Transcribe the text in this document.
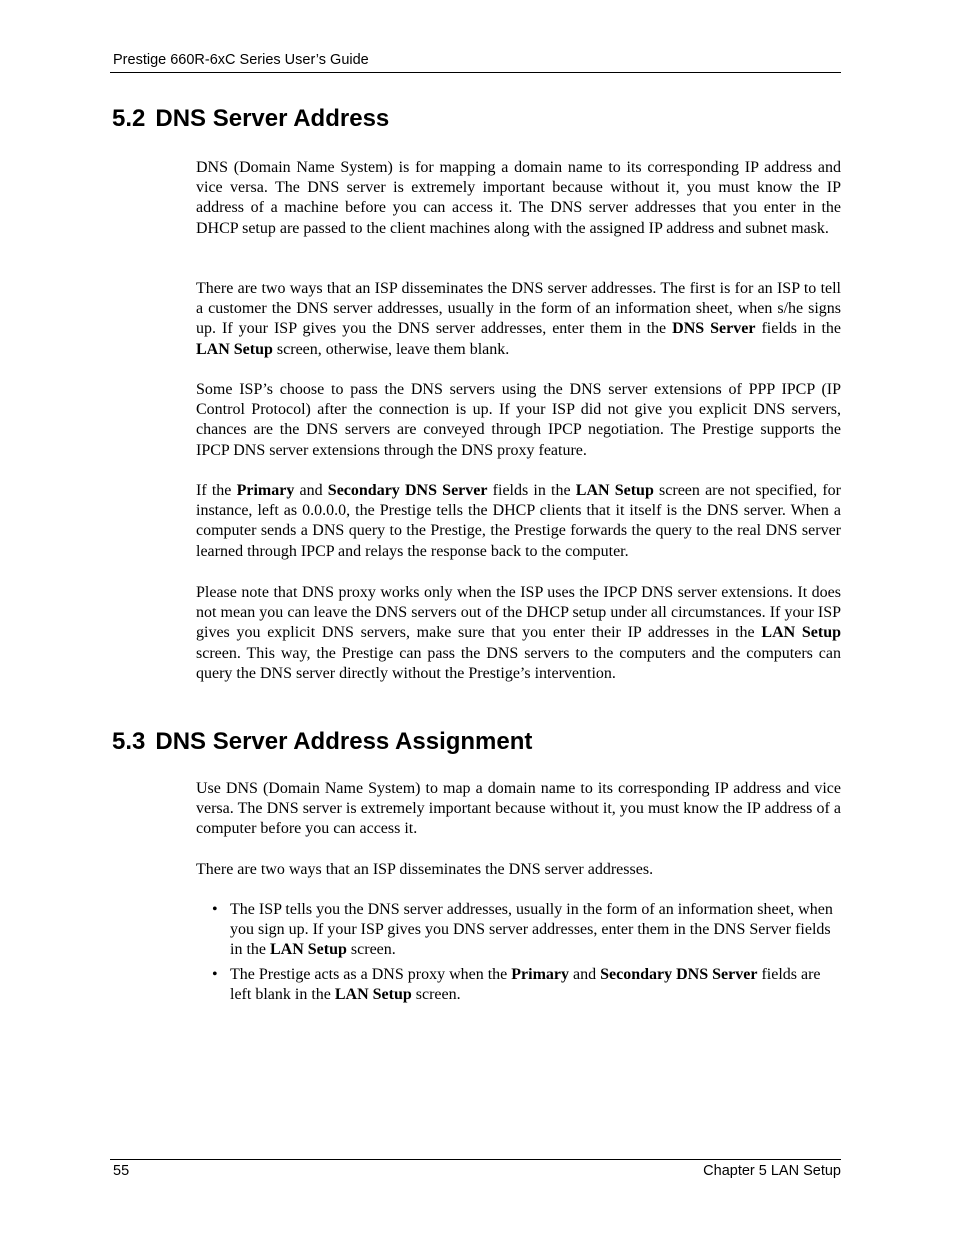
Prestige 660R-6xC Series User’s Guide
5.2 DNS Server Address

DNS (Domain Name System) is for mapping a domain name to its corresponding IP address and vice versa. The DNS server is extremely important because without it, you must know the IP address of a machine before you can access it. The DNS server addresses that you enter in the DHCP setup are passed to the client machines along with the assigned IP address and subnet mask.

There are two ways that an ISP disseminates the DNS server addresses. The first is for an ISP to tell a customer the DNS server addresses, usually in the form of an information sheet, when s/he signs up. If your ISP gives you the DNS server addresses, enter them in the DNS Server fields in the LAN Setup screen, otherwise, leave them blank.

Some ISP’s choose to pass the DNS servers using the DNS server extensions of PPP IPCP (IP Control Protocol) after the connection is up. If your ISP did not give you explicit DNS servers, chances are the DNS servers are conveyed through IPCP negotiation. The Prestige supports the IPCP DNS server extensions through the DNS proxy feature.

If the Primary and Secondary DNS Server fields in the LAN Setup screen are not specified, for instance, left as 0.0.0.0, the Prestige tells the DHCP clients that it itself is the DNS server. When a computer sends a DNS query to the Prestige, the Prestige forwards the query to the real DNS server learned through IPCP and relays the response back to the computer.

Please note that DNS proxy works only when the ISP uses the IPCP DNS server extensions. It does not mean you can leave the DNS servers out of the DHCP setup under all circumstances. If your ISP gives you explicit DNS servers, make sure that you enter their IP addresses in the LAN Setup screen. This way, the Prestige can pass the DNS servers to the computers and the computers can query the DNS server directly without the Prestige’s intervention.

5.3 DNS Server Address Assignment

Use DNS (Domain Name System) to map a domain name to its corresponding IP address and vice versa. The DNS server is extremely important because without it, you must know the IP address of a computer before you can access it.

There are two ways that an ISP disseminates the DNS server addresses.

• The ISP tells you the DNS server addresses, usually in the form of an information sheet, when you sign up. If your ISP gives you DNS server addresses, enter them in the DNS Server fields in the LAN Setup screen.
• The Prestige acts as a DNS proxy when the Primary and Secondary DNS Server fields are left blank in the LAN Setup screen.
55	Chapter 5 LAN Setup
